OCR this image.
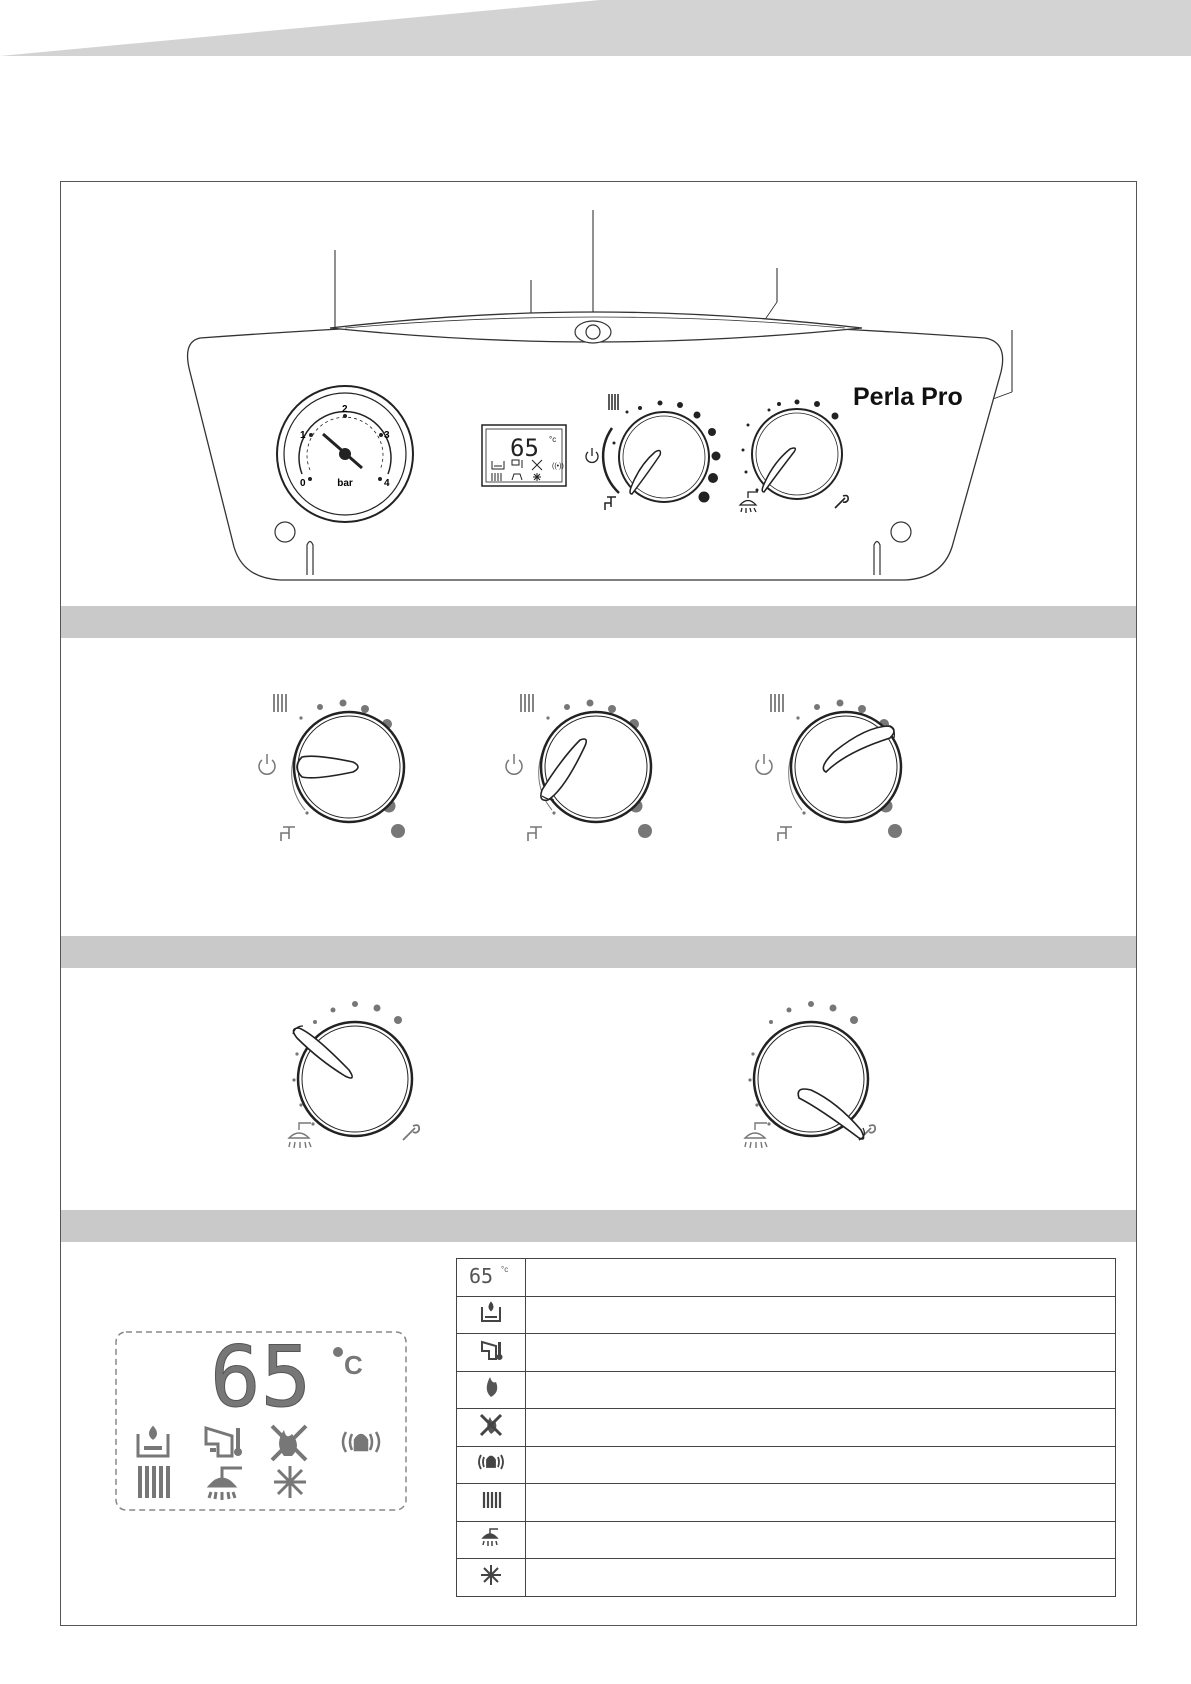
0
1
2
3
4
bar
65 °c
((•))
Perla Pro
65 C
65 °c	
